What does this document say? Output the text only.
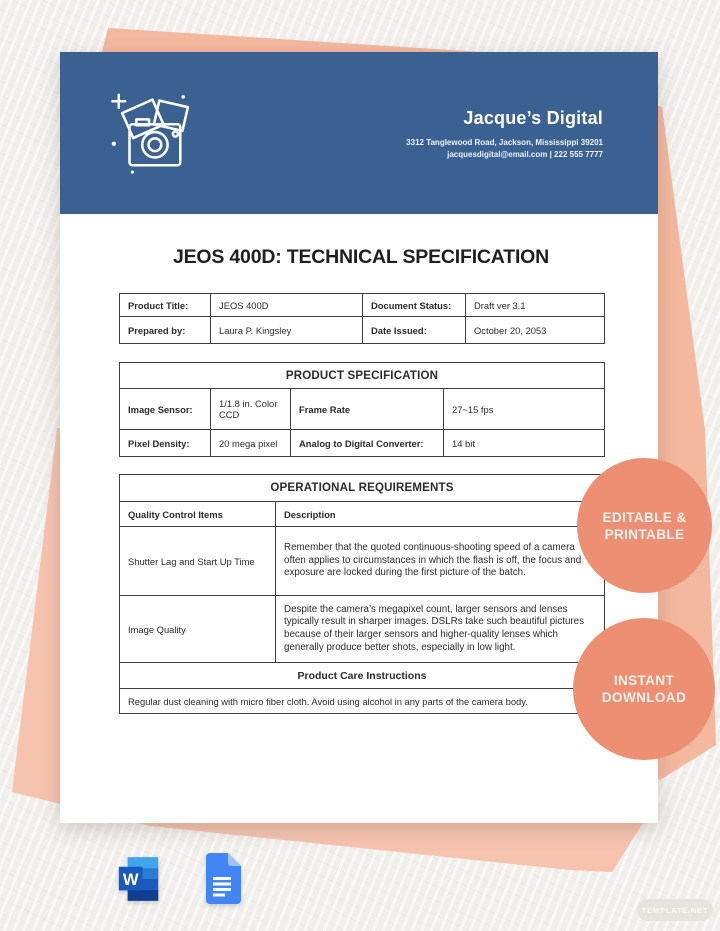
Jacque’s Digital
3312 Tanglewood Road, Jackson, Mississippi 39201
jacquesdigital@email.com | 222 555 7777
JEOS 400D: TECHNICAL SPECIFICATION
Product Title:	JEOS 400D	Document Status:	Draft ver 3.1
Prepared by:	Laura P. Kingsley	Date Issued:	October 20, 2053
PRODUCT SPECIFICATION			
Image Sensor:	1/1.8 in. Color CCD	Frame Rate	27~15 fps
Pixel Density:	20 mega pixel	Analog to Digital Converter:	14 bit
OPERATIONAL REQUIREMENTS	
Quality Control Items	Description
Shutter Lag and Start Up Time	Remember that the quoted continuous-shooting speed of a camera often applies to circumstances in which the flash is off, the focus and exposure are locked during the first picture of the batch.
Image Quality	Despite the camera’s megapixel count, larger sensors and lenses typically result in sharper images. DSLRs take such beautiful pictures because of their larger sensors and higher-quality lenses which generally produce better shots, especially in low light.
Product Care Instructions	
Regular dust cleaning with micro fiber cloth. Avoid using alcohol in any parts of the camera body.	
EDITABLE & PRINTABLE
INSTANT DOWNLOAD
W
TEMPLATE.NET
